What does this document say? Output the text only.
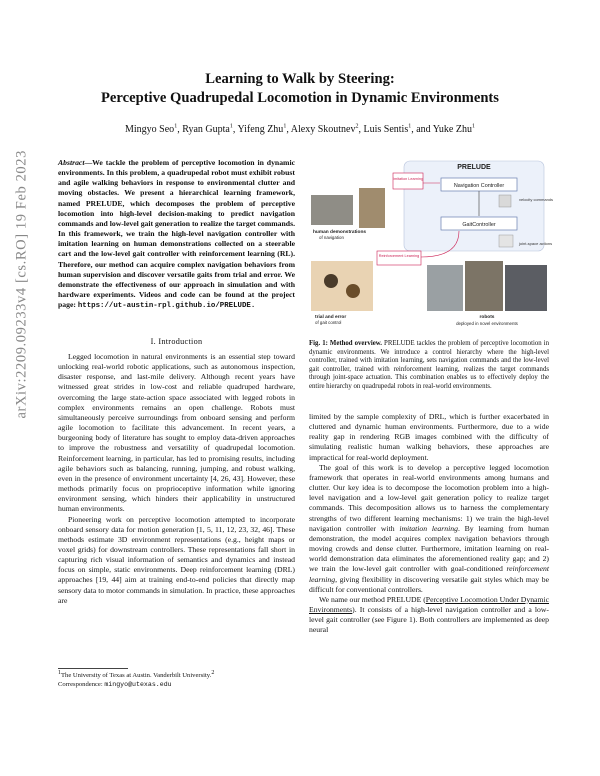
arXiv:2209.09233v4 [cs.RO] 19 Feb 2023
Learning to Walk by Steering:
Perceptive Quadrupedal Locomotion in Dynamic Environments
Mingyo Seo$^1$, Ryan Gupta$^1$, Yifeng Zhu$^1$, Alexy Skoutnev$^2$, Luis Sentis$^1$, and Yuke Zhu$^1$
Abstract—We tackle the problem of perceptive locomotion in dynamic environments. In this problem, a quadrupedal robot must exhibit robust and agile walking behaviors in response to environmental clutter and moving obstacles. We present a hierarchical learning framework, named PRELUDE, which decomposes the problem of perceptive locomotion into high-level decision-making to predict navigation commands and low-level gait generation to realize the target commands. In this framework, we train the high-level navigation controller with imitation learning on human demonstrations collected on a steerable cart and the low-level gait controller with reinforcement learning (RL). Therefore, our method can acquire complex navigation behaviors from human supervision and discover versatile gaits from trial and error. We demonstrate the effectiveness of our approach in simulation and with hardware experiments. Videos and code can be found at the project page: https://ut-austin-rpl.github.io/PRELUDE.
I. Introduction

Legged locomotion in natural environments is an essential step toward unlocking real-world robotic applications, such as autonomous inspection, disaster response, and last-mile delivery. Although recent years have witnessed great strides in low-cost and reliable quadruped hardware, overcoming the large state-action space associated with legged robots in complex environments remains an open challenge. Robots must simultaneously perceive surroundings from onboard sensing and perform agile locomotion to facilitate this advancement. In recent years, a burgeoning body of literature has sought to employ data-driven approaches to improve the robustness and versatility of quadrupedal locomotion. Reinforcement learning, in particular, has led to promising results, including agile behaviors such as balancing, running, jumping, and robust walking, even in the presence of environment uncertainty [4, 26, 43]. However, these methods primarily focus on proprioceptive information while ignoring environment sensing, which hinders their applicability in unstructured human environments.

Pioneering work on perceptive locomotion attempted to incorporate onboard sensory data for motion generation [1, 5, 11, 12, 23, 32, 46]. These methods estimate 3D environment representations (e.g., height maps or voxel grids) for downstream controllers. These representations fall short in capturing rich visual information of semantics and dynamics and instead focus on simple, static environments. Deep reinforcement learning (DRL) approaches [19, 44] aim at training end-to-end policies that directly map sensory data to motor commands in simulation. In practice, these approaches are

$^1$The University of Texas at Austin. Vanderbilt University.$^2$
Correspondence: mingyo@utexas.edu
PRELUDE
Navigation Controller
GaitController
velocity commands
joint-space actions
Imitation Learning
Reinforcement Learning
human demonstrations
of navigation
trial and error
of gait control
robots
deployed in novel environments
Fig. 1: Method overview. PRELUDE tackles the problem of perceptive locomotion in dynamic environments. We introduce a control hierarchy where the high-level controller, trained with imitation learning, sets navigation commands and the low-level gait controller, trained with reinforcement learning, realizes the target commands through joint-space actuation. This combination enables us to effectively deploy the entire hierarchy on quadrupedal robots in real-world environments.

limited by the sample complexity of DRL, which is further exacerbated in cluttered and dynamic human environments. Furthermore, due to a wide reality gap in rendering RGB images combined with the difficulty of simulating realistic human walking behaviors, these approaches are impractical for real-world deployment.

The goal of this work is to develop a perceptive legged locomotion framework that operates in real-world environments among humans and clutter. Our key idea is to decompose the locomotion problem into a high-level navigation and a low-level gait generation policy to realize target commands. This decomposition allows us to harness the complementary strengths of two different learning mechanisms: 1) we train the high-level navigation controller with imitation learning. By learning from human demonstration, the model acquires complex navigation behaviors through moving crowds and dense clutter. Furthermore, imitation learning on real-world demonstration data eliminates the aforementioned reality gap; and 2) we train the low-level gait controller with goal-conditioned reinforcement learning, giving flexibility in discovering versatile gait styles which may be difficult for conventional controllers.

We name our method PRELUDE (Perceptive Locomotion Under Dynamic Environments). It consists of a high-level navigation controller and a low-level gait controller (see Figure 1). Both controllers are implemented as deep neural
